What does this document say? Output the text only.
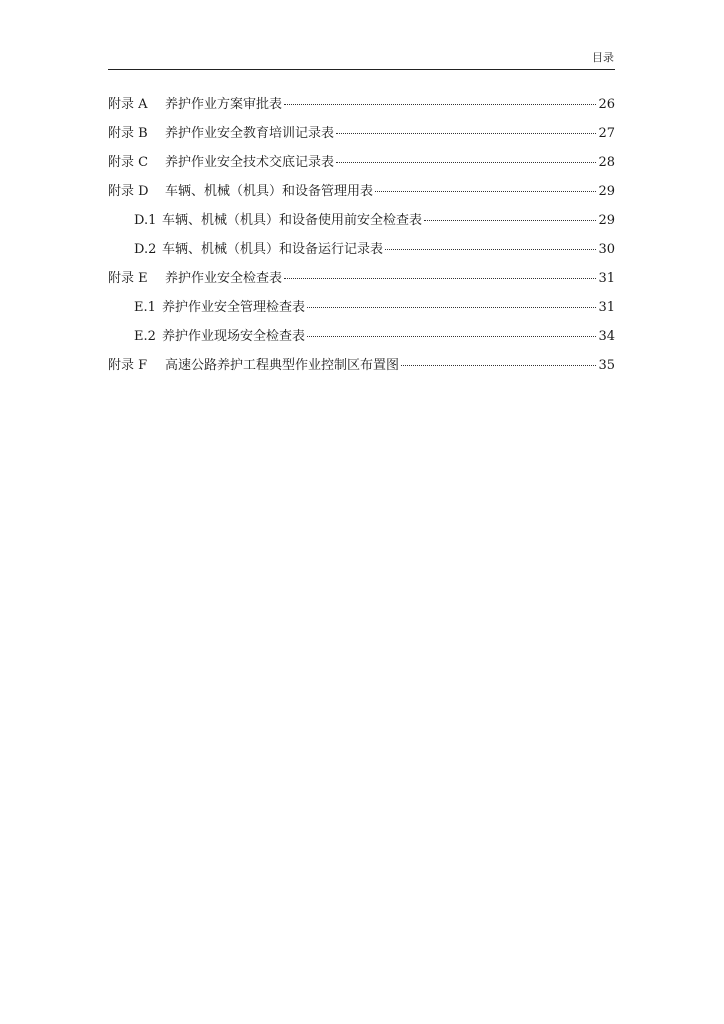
目录
附录 A	养护作业方案审批表	26
附录 B	养护作业安全教育培训记录表	27
附录 C	养护作业安全技术交底记录表	28
附录 D	车辆、机械（机具）和设备管理用表	29
D.1 车辆、机械（机具）和设备使用前安全检查表	29
D.2 车辆、机械（机具）和设备运行记录表	30
附录 E	养护作业安全检查表	31
E.1 养护作业安全管理检查表	31
E.2 养护作业现场安全检查表	34
附录 F	高速公路养护工程典型作业控制区布置图	35
